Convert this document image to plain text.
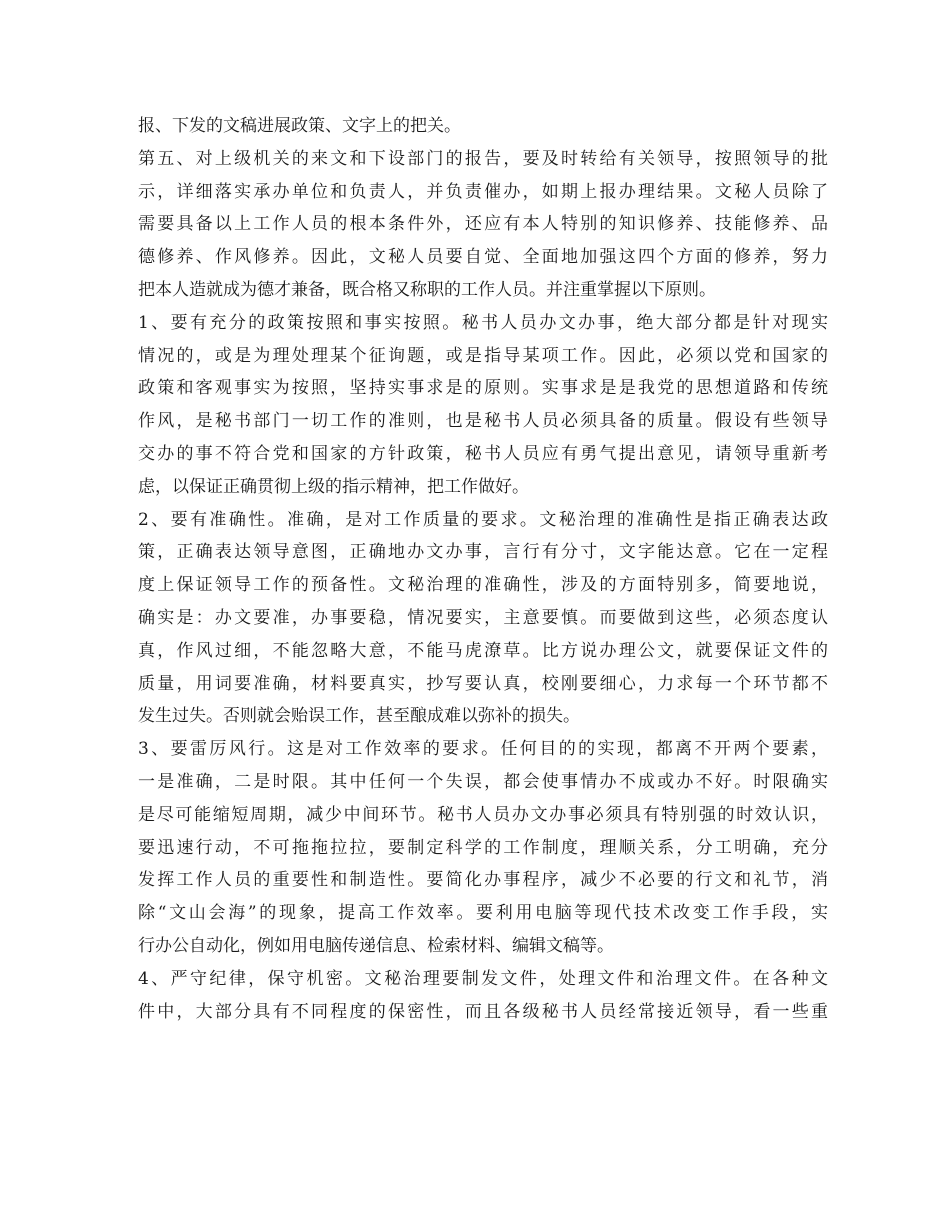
报、下发的文稿进展政策、文字上的把关。
第五、对上级机关的来文和下设部门的报告，要及时转给有关领导，按照领导的批
示，详细落实承办单位和负责人，并负责催办，如期上报办理结果。文秘人员除了
需要具备以上工作人员的根本条件外，还应有本人特别的知识修养、技能修养、品
德修养、作风修养。因此，文秘人员要自觉、全面地加强这四个方面的修养，努力
把本人造就成为德才兼备，既合格又称职的工作人员。并注重掌握以下原则。
1、要有充分的政策按照和事实按照。秘书人员办文办事，绝大部分都是针对现实
情况的，或是为理处理某个征询题，或是指导某项工作。因此，必须以党和国家的
政策和客观事实为按照，坚持实事求是的原则。实事求是是我党的思想道路和传统
作风，是秘书部门一切工作的准则，也是秘书人员必须具备的质量。假设有些领导
交办的事不符合党和国家的方针政策，秘书人员应有勇气提出意见，请领导重新考
虑，以保证正确贯彻上级的指示精神，把工作做好。
2、要有准确性。准确，是对工作质量的要求。文秘治理的准确性是指正确表达政
策，正确表达领导意图，正确地办文办事，言行有分寸，文字能达意。它在一定程
度上保证领导工作的预备性。文秘治理的准确性，涉及的方面特别多，简要地说，
确实是：办文要准，办事要稳，情况要实，主意要慎。而要做到这些，必须态度认
真，作风过细，不能忽略大意，不能马虎潦草。比方说办理公文，就要保证文件的
质量，用词要准确，材料要真实，抄写要认真，校刚要细心，力求每一个环节都不
发生过失。否则就会贻误工作，甚至酿成难以弥补的损失。
3、要雷厉风行。这是对工作效率的要求。任何目的的实现，都离不开两个要素，
一是准确，二是时限。其中任何一个失误，都会使事情办不成或办不好。时限确实
是尽可能缩短周期，减少中间环节。秘书人员办文办事必须具有特别强的时效认识，
要迅速行动，不可拖拖拉拉，要制定科学的工作制度，理顺关系，分工明确，充分
发挥工作人员的重要性和制造性。要简化办事程序，减少不必要的行文和礼节，消
除“文山会海”的现象，提高工作效率。要利用电脑等现代技术改变工作手段，实
行办公自动化，例如用电脑传递信息、检索材料、编辑文稿等。
4、严守纪律，保守机密。文秘治理要制发文件，处理文件和治理文件。在各种文
件中，大部分具有不同程度的保密性，而且各级秘书人员经常接近领导，看一些重
